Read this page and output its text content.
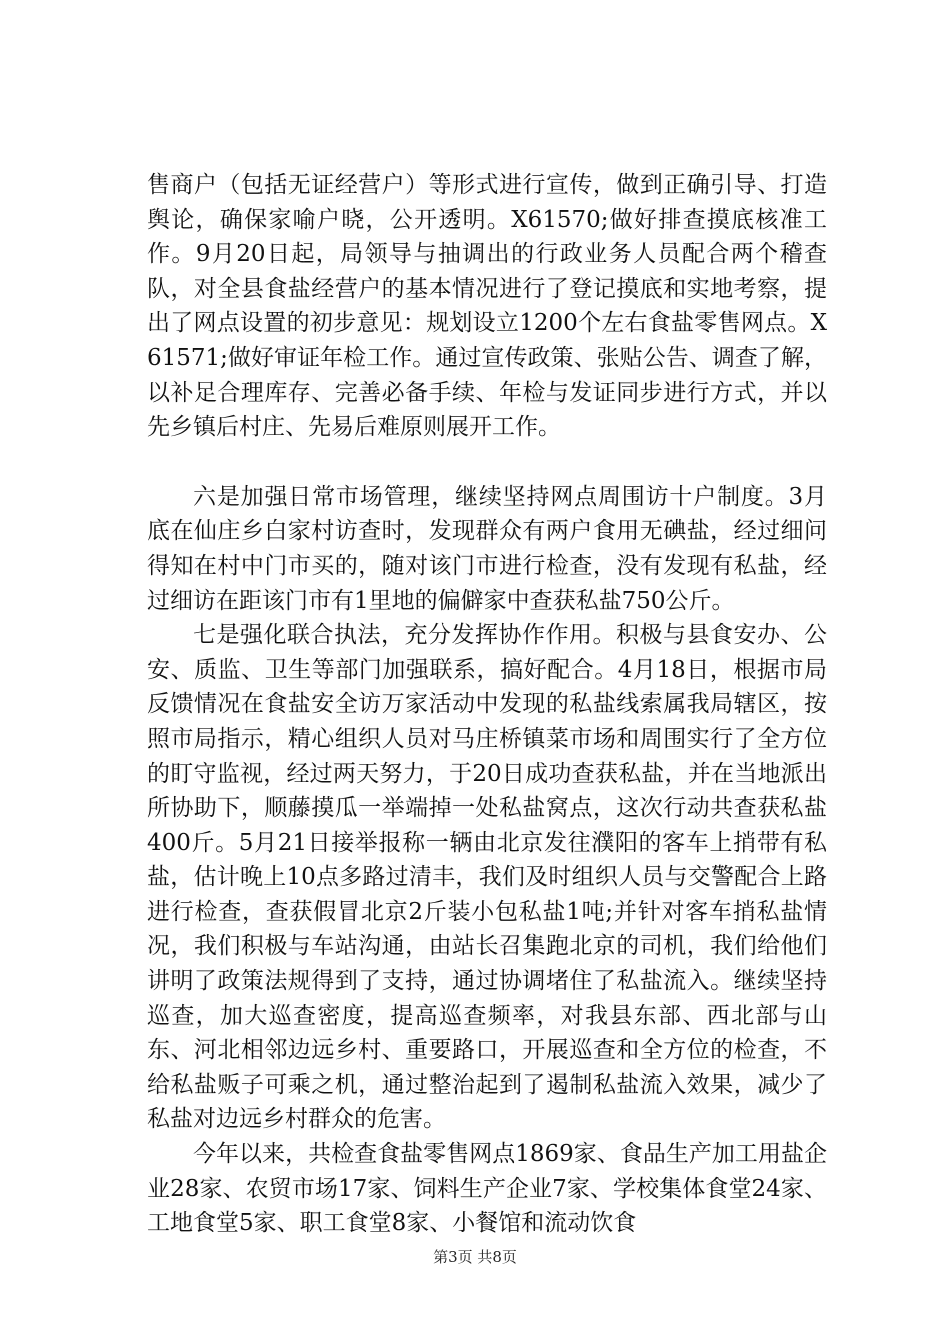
售商户（包括无证经营户）等形式进行宣传，做到正确引导、打造舆论，确保家喻户晓，公开透明。X61570;做好排查摸底核准工作。9月20日起，局领导与抽调出的行政业务人员配合两个稽查队，对全县食盐经营户的基本情况进行了登记摸底和实地考察，提出了网点设置的初步意见：规划设立1200个左右食盐零售网点。X61571;做好审证年检工作。通过宣传政策、张贴公告、调查了解，以补足合理库存、完善必备手续、年检与发证同步进行方式，并以先乡镇后村庄、先易后难原则展开工作。

六是加强日常市场管理，继续坚持网点周围访十户制度。3月底在仙庄乡白家村访查时，发现群众有两户食用无碘盐，经过细问得知在村中门市买的，随对该门市进行检查，没有发现有私盐，经过细访在距该门市有1里地的偏僻家中查获私盐750公斤。

七是强化联合执法，充分发挥协作作用。积极与县食安办、公安、质监、卫生等部门加强联系，搞好配合。4月18日，根据市局反馈情况在食盐安全访万家活动中发现的私盐线索属我局辖区，按照市局指示，精心组织人员对马庄桥镇菜市场和周围实行了全方位的盯守监视，经过两天努力，于20日成功查获私盐，并在当地派出所协助下，顺藤摸瓜一举端掉一处私盐窝点，这次行动共查获私盐400斤。5月21日接举报称一辆由北京发往濮阳的客车上捎带有私盐，估计晚上10点多路过清丰，我们及时组织人员与交警配合上路进行检查，查获假冒北京2斤装小包私盐1吨;并针对客车捎私盐情况，我们积极与车站沟通，由站长召集跑北京的司机，我们给他们讲明了政策法规得到了支持，通过协调堵住了私盐流入。继续坚持巡查，加大巡查密度，提高巡查频率，对我县东部、西北部与山东、河北相邻边远乡村、重要路口，开展巡查和全方位的检查，不给私盐贩子可乘之机，通过整治起到了遏制私盐流入效果，减少了私盐对边远乡村群众的危害。

今年以来，共检查食盐零售网点1869家、食品生产加工用盐企业28家、农贸市场17家、饲料生产企业7家、学校集体食堂24家、工地食堂5家、职工食堂8家、小餐馆和流动饮食

第3页 共8页
